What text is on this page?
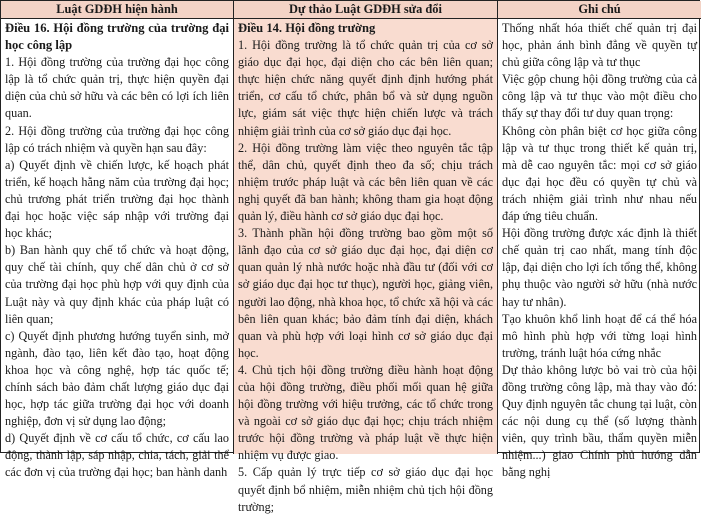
Luật GDĐH hiện hành	Dự thảo Luật GDĐH sửa đổi	Ghi chú

Điều 16. Hội đồng trường của trường đại học công lập

1. Hội đồng trường của trường đại học công lập là tổ chức quản trị, thực hiện quyền đại diện của chủ sở hữu và các bên có lợi ích liên quan.

2. Hội đồng trường của trường đại học công lập có trách nhiệm và quyền hạn sau đây:

a) Quyết định về chiến lược, kế hoạch phát triển, kế hoạch hằng năm của trường đại học; chủ trương phát triển trường đại học thành đại học hoặc việc sáp nhập với trường đại học khác;

b) Ban hành quy chế tổ chức và hoạt động, quy chế tài chính, quy chế dân chủ ở cơ sở của trường đại học phù hợp với quy định của Luật này và quy định khác của pháp luật có liên quan;

c) Quyết định phương hướng tuyển sinh, mở ngành, đào tạo, liên kết đào tạo, hoạt động khoa học và công nghệ, hợp tác quốc tế; chính sách bảo đảm chất lượng giáo dục đại học, hợp tác giữa trường đại học với doanh nghiệp, đơn vị sử dụng lao động;

d) Quyết định về cơ cấu tổ chức, cơ cấu lao động, thành lập, sáp nhập, chia, tách, giải thể các đơn vị của trường đại học; ban hành danh

Điều 14. Hội đồng trường

1. Hội đồng trường là tổ chức quản trị của cơ sở giáo dục đại học, đại diện cho các bên liên quan; thực hiện chức năng quyết định định hướng phát triển, cơ cấu tổ chức, phân bổ và sử dụng nguồn lực, giám sát việc thực hiện chiến lược và trách nhiệm giải trình của cơ sở giáo dục đại học.

2. Hội đồng trường làm việc theo nguyên tắc tập thể, dân chủ, quyết định theo đa số; chịu trách nhiệm trước pháp luật và các bên liên quan về các nghị quyết đã ban hành; không tham gia hoạt động quản lý, điều hành cơ sở giáo dục đại học.

3. Thành phần hội đồng trường bao gồm một số lãnh đạo của cơ sở giáo dục đại học, đại diện cơ quan quản lý nhà nước hoặc nhà đầu tư (đối với cơ sở giáo dục đại học tư thục), người học, giảng viên, người lao động, nhà khoa học, tổ chức xã hội và các bên liên quan khác; bảo đảm tính đại diện, khách quan và phù hợp với loại hình cơ sở giáo dục đại học.

4. Chủ tịch hội đồng trường điều hành hoạt động của hội đồng trường, điều phối mối quan hệ giữa hội đồng trường với hiệu trưởng, các tổ chức trong và ngoài cơ sở giáo dục đại học; chịu trách nhiệm trước hội đồng trường và pháp luật về thực hiện nhiệm vụ được giao.

5. Cấp quản lý trực tiếp cơ sở giáo dục đại học quyết định bổ nhiệm, miễn nhiệm chủ tịch hội đồng trường;

Thống nhất hóa thiết chế quản trị đại học, phản ánh bình đẳng về quyền tự chủ giữa công lập và tư thục

Việc gộp chung hội đồng trường của cả công lập và tư thục vào một điều cho thấy sự thay đổi tư duy quan trọng:

Không còn phân biệt cơ học giữa công lập và tư thục trong thiết kế quản trị, mà dễ cao nguyên tắc: mọi cơ sở giáo dục đại học đều có quyền tự chủ và trách nhiệm giải trình như nhau nếu đáp ứng tiêu chuẩn.

Hội đồng trường được xác định là thiết chế quản trị cao nhất, mang tính độc lập, đại diện cho lợi ích tổng thể, không phụ thuộc vào người sở hữu (nhà nước hay tư nhân).

Tạo khuôn khổ linh hoạt để cá thể hóa mô hình phù hợp với từng loại hình trường, tránh luật hóa cứng nhắc

Dự thảo không lược bỏ vai trò của hội đồng trường công lập, mà thay vào đó: Quy định nguyên tắc chung tại luật, còn các nội dung cụ thể (số lượng thành viên, quy trình bầu, thẩm quyền miễn nhiệm...) giao Chính phủ hướng dẫn bằng nghị
